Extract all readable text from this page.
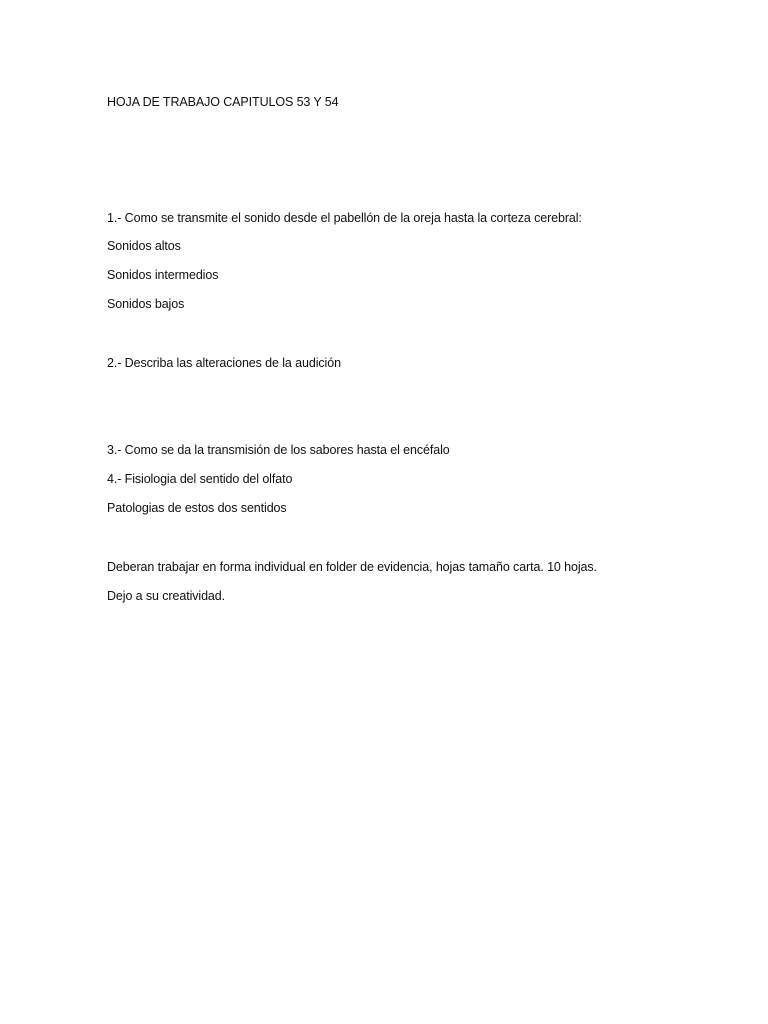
HOJA DE TRABAJO CAPITULOS 53 Y 54
1.- Como se transmite el sonido desde el pabellón de la oreja hasta la corteza cerebral:
Sonidos altos
Sonidos intermedios
Sonidos bajos
2.- Describa las alteraciones de la audición
3.- Como se da la transmisión de los sabores hasta el encéfalo
4.- Fisiologia del sentido del olfato
Patologias de estos dos sentidos
Deberan trabajar en forma individual en folder de evidencia, hojas tamaño carta. 10 hojas.
Dejo a su creatividad.
